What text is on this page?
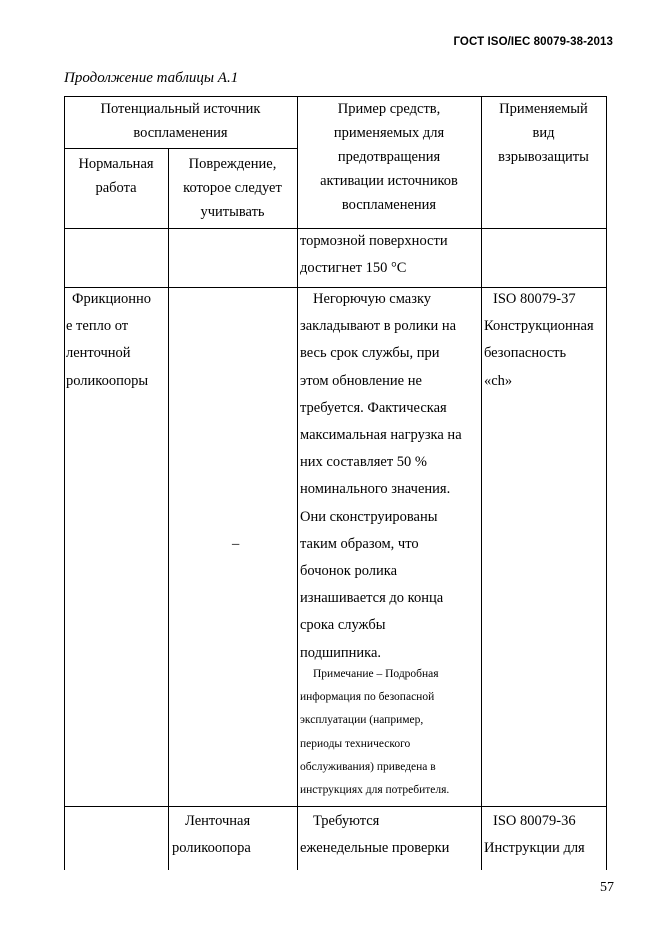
ГОСТ ISO/IEC 80079-38-2013
Продолжение таблицы А.1
Потенциальный источник
воспламенения
Нормальная
работа
Повреждение,
которое следует
учитывать
Пример средств,
применяемых для
предотвращения
активации источников
воспламенения
Применяемый
вид
взрывозащиты
тормозной поверхности
достигнет 150 °С
Фрикционно
е тепло от
ленточной
роликоопоры
–
Негорючую смазку
закладывают в ролики на
весь срок службы, при
этом обновление не
требуется. Фактическая
максимальная нагрузка на
них составляет 50 %
номинального значения.
Они сконструированы
таким образом, что
бочонок ролика
изнашивается до конца
срока службы
подшипника.
Примечание – Подробная
информация по безопасной
эксплуатации (например,
периоды технического
обслуживания) приведена в
инструкциях для потребителя.
ISO 80079-37
Конструкционная
безопасность
«ch»
Ленточная
роликоопора
Требуются
еженедельные проверки
ISO 80079-36
Инструкции для
57
